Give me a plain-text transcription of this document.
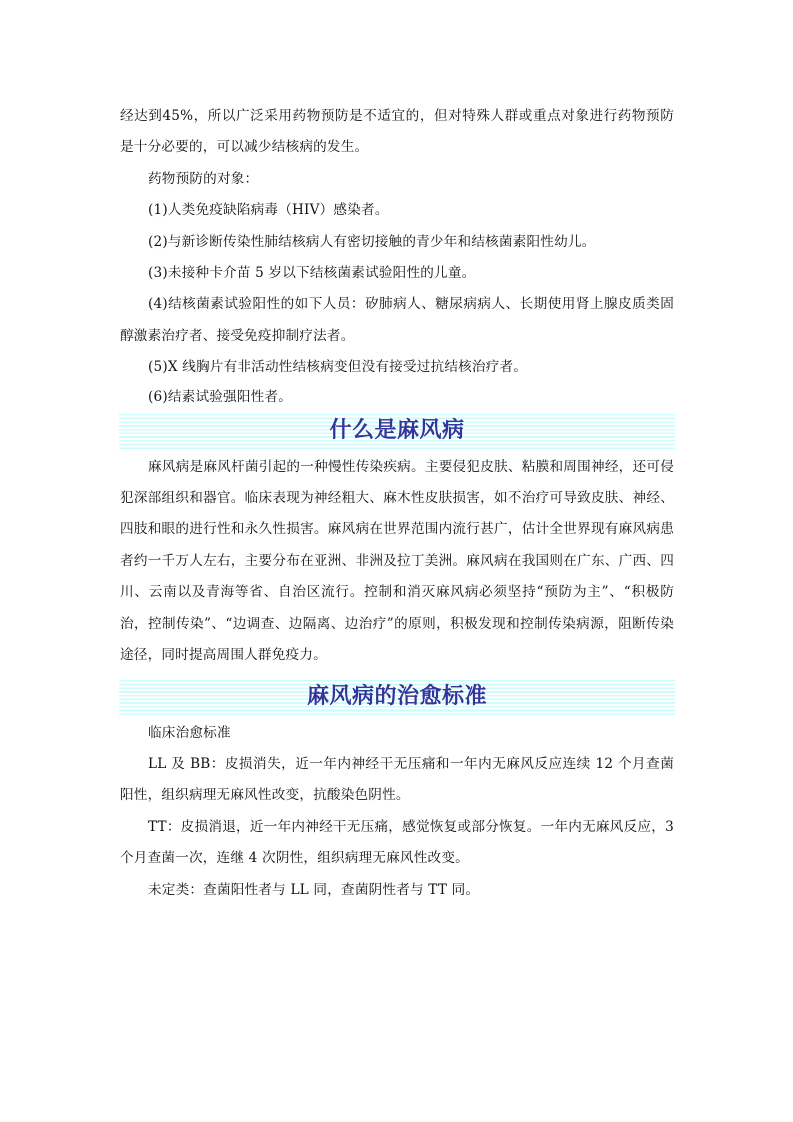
经达到45%，所以广泛采用药物预防是不适宜的，但对特殊人群或重点对象进行药物预防是十分必要的，可以减少结核病的发生。

药物预防的对象：

(1)人类免疫缺陷病毒（HIV）感染者。

(2)与新诊断传染性肺结核病人有密切接触的青少年和结核菌素阳性幼儿。

(3)未接种卡介苗 5 岁以下结核菌素试验阳性的儿童。

(4)结核菌素试验阳性的如下人员：矽肺病人、糖尿病病人、长期使用肾上腺皮质类固醇激素治疗者、接受免疫抑制疗法者。

(5)X 线胸片有非活动性结核病变但没有接受过抗结核治疗者。

(6)结素试验强阳性者。

什么是麻风病

麻风病是麻风杆菌引起的一种慢性传染疾病。主要侵犯皮肤、粘膜和周围神经，还可侵犯深部组织和器官。临床表现为神经粗大、麻木性皮肤损害，如不治疗可导致皮肤、神经、四肢和眼的进行性和永久性损害。麻风病在世界范围内流行甚广，估计全世界现有麻风病患者约一千万人左右，主要分布在亚洲、非洲及拉丁美洲。麻风病在我国则在广东、广西、四川、云南以及青海等省、自治区流行。控制和消灭麻风病必须坚持“预防为主”、“积极防治，控制传染”、“边调查、边隔离、边治疗”的原则，积极发现和控制传染病源，阻断传染途径，同时提高周围人群免疫力。

麻风病的治愈标准

临床治愈标准

LL 及 BB：皮损消失，近一年内神经干无压痛和一年内无麻风反应连续 12 个月查菌阳性，组织病理无麻风性改变，抗酸染色阴性。

TT：皮损消退，近一年内神经干无压痛，感觉恢复或部分恢复。一年内无麻风反应，3 个月查菌一次，连继 4 次阴性，组织病理无麻风性改变。

未定类：查菌阳性者与 LL 同，查菌阴性者与 TT 同。
